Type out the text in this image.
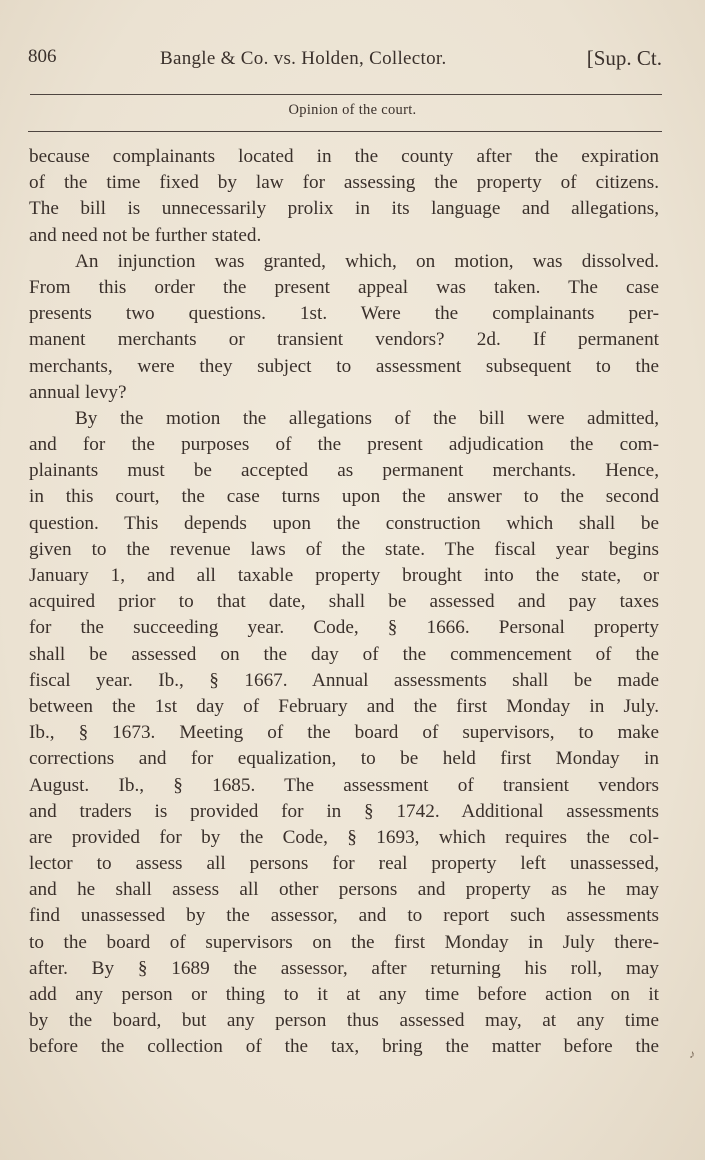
806	Bangle & Co. vs. Holden, Collector.	[Sup. Ct.
Opinion of the court.
because complainants located in the county after the expiration
of the time fixed by law for assessing the property of citizens.
The bill is unnecessarily prolix in its language and allegations,
and need not be further stated.
An injunction was granted, which, on motion, was dissolved.
From this order the present appeal was taken. The case
presents two questions. 1st. Were the complainants per-
manent merchants or transient vendors? 2d. If permanent
merchants, were they subject to assessment subsequent to the
annual levy?
By the motion the allegations of the bill were admitted,
and for the purposes of the present adjudication the com-
plainants must be accepted as permanent merchants. Hence,
in this court, the case turns upon the answer to the second
question. This depends upon the construction which shall be
given to the revenue laws of the state. The fiscal year begins
January 1, and all taxable property brought into the state, or
acquired prior to that date, shall be assessed and pay taxes
for the succeeding year. Code, § 1666. Personal property
shall be assessed on the day of the commencement of the
fiscal year. Ib., § 1667. Annual assessments shall be made
between the 1st day of February and the first Monday in July.
Ib., § 1673. Meeting of the board of supervisors, to make
corrections and for equalization, to be held first Monday in
August. Ib., § 1685. The assessment of transient vendors
and traders is provided for in § 1742. Additional assessments
are provided for by the Code, § 1693, which requires the col-
lector to assess all persons for real property left unassessed,
and he shall assess all other persons and property as he may
find unassessed by the assessor, and to report such assessments
to the board of supervisors on the first Monday in July there-
after. By § 1689 the assessor, after returning his roll, may
add any person or thing to it at any time before action on it
by the board, but any person thus assessed may, at any time
before the collection of the tax, bring the matter before the	♪
